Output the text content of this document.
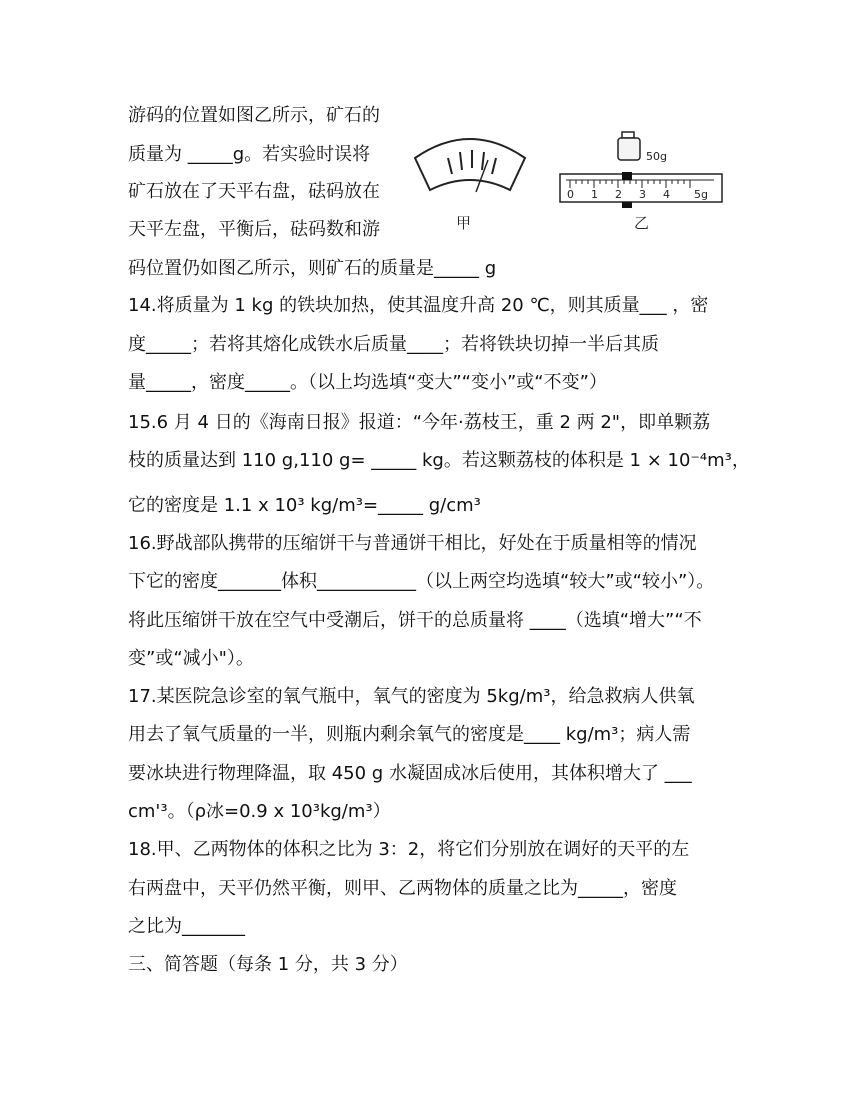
游码的位置如图乙所示，矿石的
质量为 _____g。若实验时误将
矿石放在了天平右盘，砝码放在
天平左盘，平衡后，砝码数和游
码位置仍如图乙所示，则矿石的质量是_____ g
14.将质量为 1 kg 的铁块加热，使其温度升高 20 ℃，则其质量___ ，密
度_____；若将其熔化成铁水后质量____；若将铁块切掉一半后其质
量_____，密度_____。（以上均选填“变大”“变小”或“不变”）
15.6 月 4 日的《海南日报》报道：“今年·荔枝王，重 2 两 2"，即单颗荔
枝的质量达到 110 g,110 g= _____ kg。若这颗荔枝的体积是 1 × 10⁻⁴m³，
它的密度是 1.1 x 10³ kg/m³=_____ g/cm³
16.野战部队携带的压缩饼干与普通饼干相比，好处在于质量相等的情况
下它的密度_______体积___________（以上两空均选填“较大”或“较小”）。
将此压缩饼干放在空气中受潮后，饼干的总质量将 ____（选填“增大”“不
变”或“减小"）。
17.某医院急诊室的氧气瓶中，氧气的密度为 5kg/m³，给急救病人供氧
用去了氧气质量的一半，则瓶内剩余氧气的密度是____ kg/m³；病人需
要冰块进行物理降温，取 450 g 水凝固成冰后使用，其体积增大了 ___
cm'³。（ρ冰=0.9 x 10³kg/m³）
18.甲、乙两物体的体积之比为 3：2，将它们分别放在调好的天平的左
右两盘中，天平仍然平衡，则甲、乙两物体的质量之比为_____，密度
之比为_______
三、简答题（每条 1 分，共 3 分）
甲
50g
0 1 2 3 4 5g
乙
